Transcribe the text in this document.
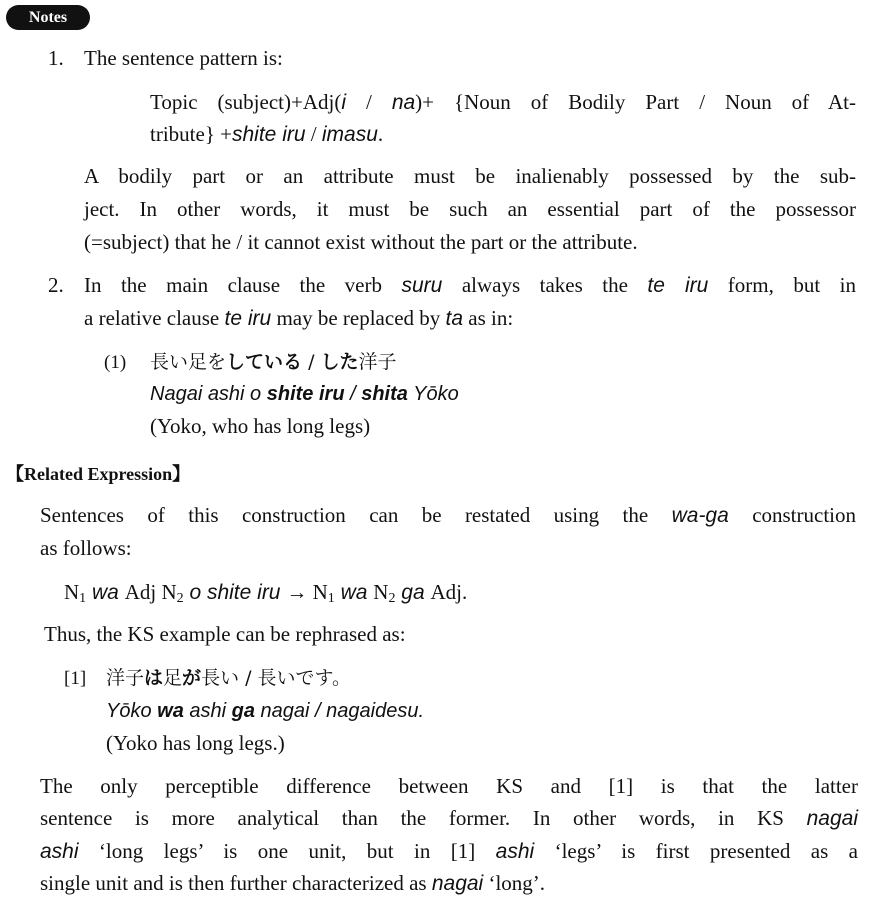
Notes
1. The sentence pattern is:
Topic (subject)+Adj(i / na)+ {Noun of Bodily Part / Noun of At-
tribute} +shite iru / imasu.
A bodily part or an attribute must be inalienably possessed by the sub-
ject. In other words, it must be such an essential part of the possessor
(=subject) that he / it cannot exist without the part or the attribute.
2. In the main clause the verb suru always takes the te iru form, but in
a relative clause te iru may be replaced by ta as in:
(1) 長い足をしている / した洋子
Nagai ashi o shite iru / shita Yōko
(Yoko, who has long legs)
【Related Expression】
Sentences of this construction can be restated using the wa-ga construction
as follows:
$N_1$ wa Adj $N_2$ o shite iru → $N_1$ wa $N_2$ ga Adj.
Thus, the KS example can be rephrased as:
[1] 洋子は足が長い / 長いです。
Yōko wa ashi ga nagai / nagaidesu.
(Yoko has long legs.)
The only perceptible difference between KS and [1] is that the latter
sentence is more analytical than the former. In other words, in KS nagai
ashi ‘long legs’ is one unit, but in [1] ashi ‘legs’ is first presented as a
single unit and is then further characterized as nagai ‘long’.
